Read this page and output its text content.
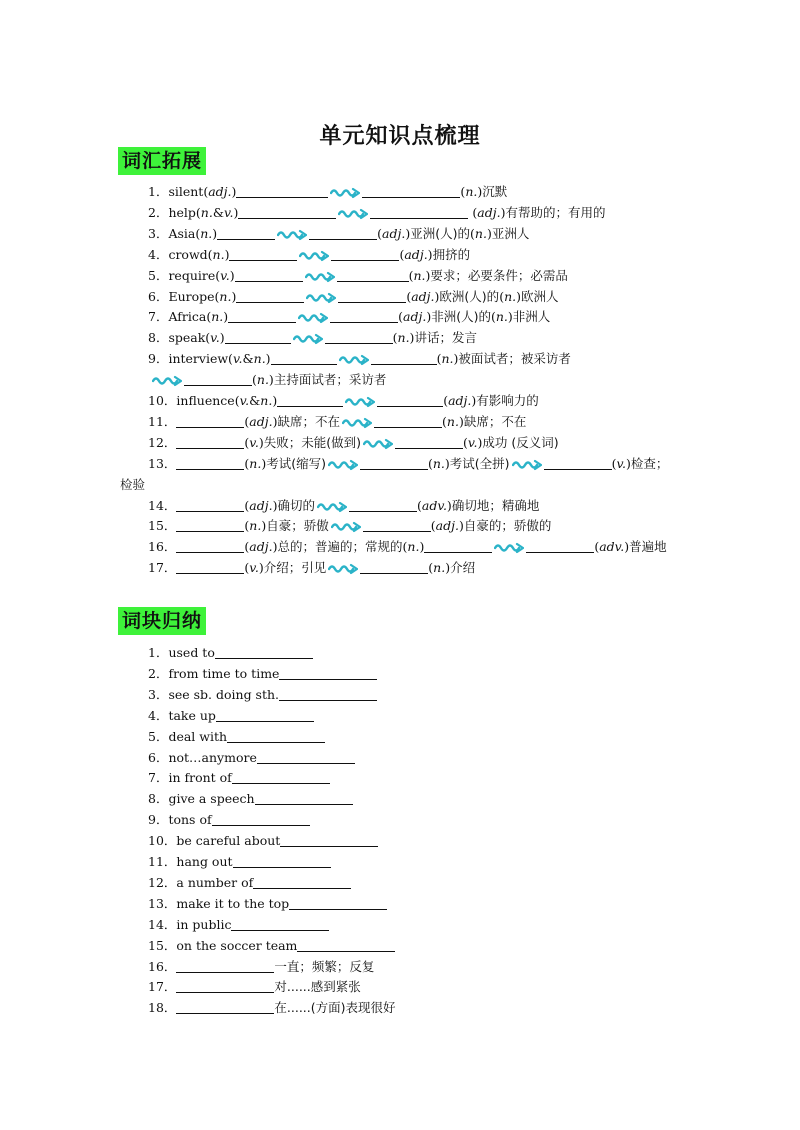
单元知识点梳理
词汇拓展
1．silent(adj.)	(n.)沉默
2．help(n.&v.)	(adj.)有帮助的；有用的
3．Asia(n.)	(adj.)亚洲(人)的(n.)亚洲人
4．crowd(n.)	(adj.)拥挤的
5．require(v.)	(n.)要求；必要条件；必需品
6．Europe(n.)	(adj.)欧洲(人)的(n.)欧洲人
7．Africa(n.)	(adj.)非洲(人)的(n.)非洲人
8．speak(v.)	(n.)讲话；发言
9．interview(v.&n.)	(n.)被面试者；被采访者
(n.)主持面试者；采访者
10．influence(v.&n.)	(adj.)有影响力的
11．	(adj.)缺席；不在	(n.)缺席；不在
12．	(v.)失败；未能(做到)	(v.)成功 (反义词)
13．	(n.)考试(缩写)	(n.)考试(全拼)	(v.)检查；
检验
14．	(adj.)确切的	(adv.)确切地；精确地
15．	(n.)自豪；骄傲	(adj.)自豪的；骄傲的
16．	(adj.)总的；普遍的；常规的(n.)	(adv.)普遍地
17．	(v.)介绍；引见	(n.)介绍
词块归纳
1．used to
2．from time to time
3．see sb. doing sth.
4．take up
5．deal with
6．not…anymore
7．in front of
8．give a speech
9．tons of
10．be careful about
11．hang out
12．a number of
13．make it to the top
14．in public
15．on the soccer team
16．	一直；频繁；反复
17．	对......感到紧张
18．	在......(方面)表现很好
